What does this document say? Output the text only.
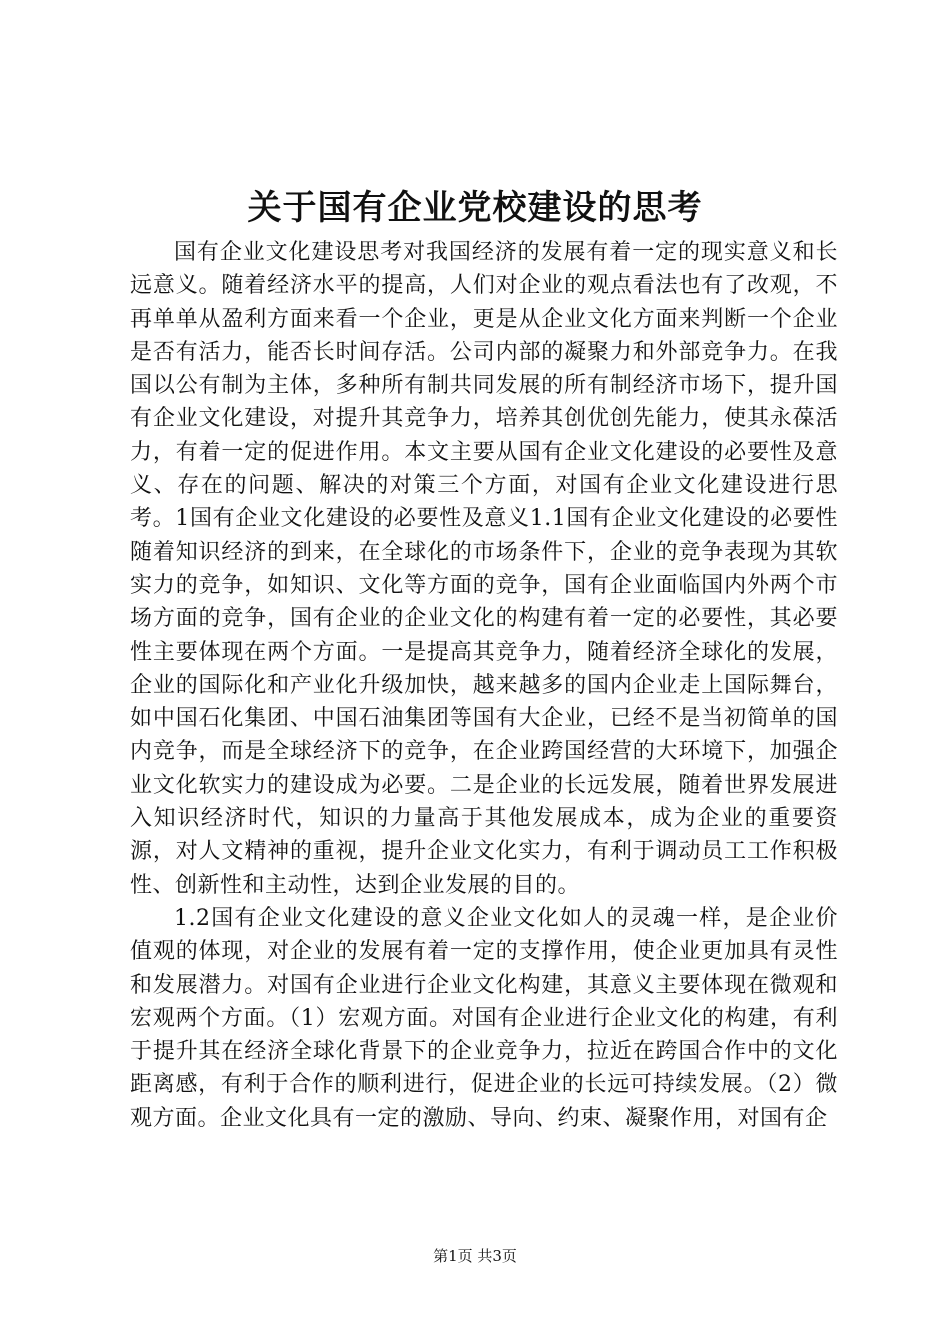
关于国有企业党校建设的思考

国有企业文化建设思考对我国经济的发展有着一定的现实意义和长远意义。随着经济水平的提高，人们对企业的观点看法也有了改观，不再单单从盈利方面来看一个企业，更是从企业文化方面来判断一个企业是否有活力，能否长时间存活。公司内部的凝聚力和外部竞争力。在我国以公有制为主体，多种所有制共同发展的所有制经济市场下，提升国有企业文化建设，对提升其竞争力，培养其创优创先能力，使其永葆活力，有着一定的促进作用。本文主要从国有企业文化建设的必要性及意义、存在的问题、解决的对策三个方面，对国有企业文化建设进行思考。1国有企业文化建设的必要性及意义1.1国有企业文化建设的必要性随着知识经济的到来，在全球化的市场条件下，企业的竞争表现为其软实力的竞争，如知识、文化等方面的竞争，国有企业面临国内外两个市场方面的竞争，国有企业的企业文化的构建有着一定的必要性，其必要性主要体现在两个方面。一是提高其竞争力，随着经济全球化的发展，企业的国际化和产业化升级加快，越来越多的国内企业走上国际舞台，如中国石化集团、中国石油集团等国有大企业，已经不是当初简单的国内竞争，而是全球经济下的竞争，在企业跨国经营的大环境下，加强企业文化软实力的建设成为必要。二是企业的长远发展，随着世界发展进入知识经济时代，知识的力量高于其他发展成本，成为企业的重要资源，对人文精神的重视，提升企业文化实力，有利于调动员工工作积极性、创新性和主动性，达到企业发展的目的。

1.2国有企业文化建设的意义企业文化如人的灵魂一样，是企业价值观的体现，对企业的发展有着一定的支撑作用，使企业更加具有灵性和发展潜力。对国有企业进行企业文化构建，其意义主要体现在微观和宏观两个方面。（1）宏观方面。对国有企业进行企业文化的构建，有利于提升其在经济全球化背景下的企业竞争力，拉近在跨国合作中的文化距离感，有利于合作的顺利进行，促进企业的长远可持续发展。（2）微观方面。企业文化具有一定的激励、导向、约束、凝聚作用，对国有企

第1页 共3页
